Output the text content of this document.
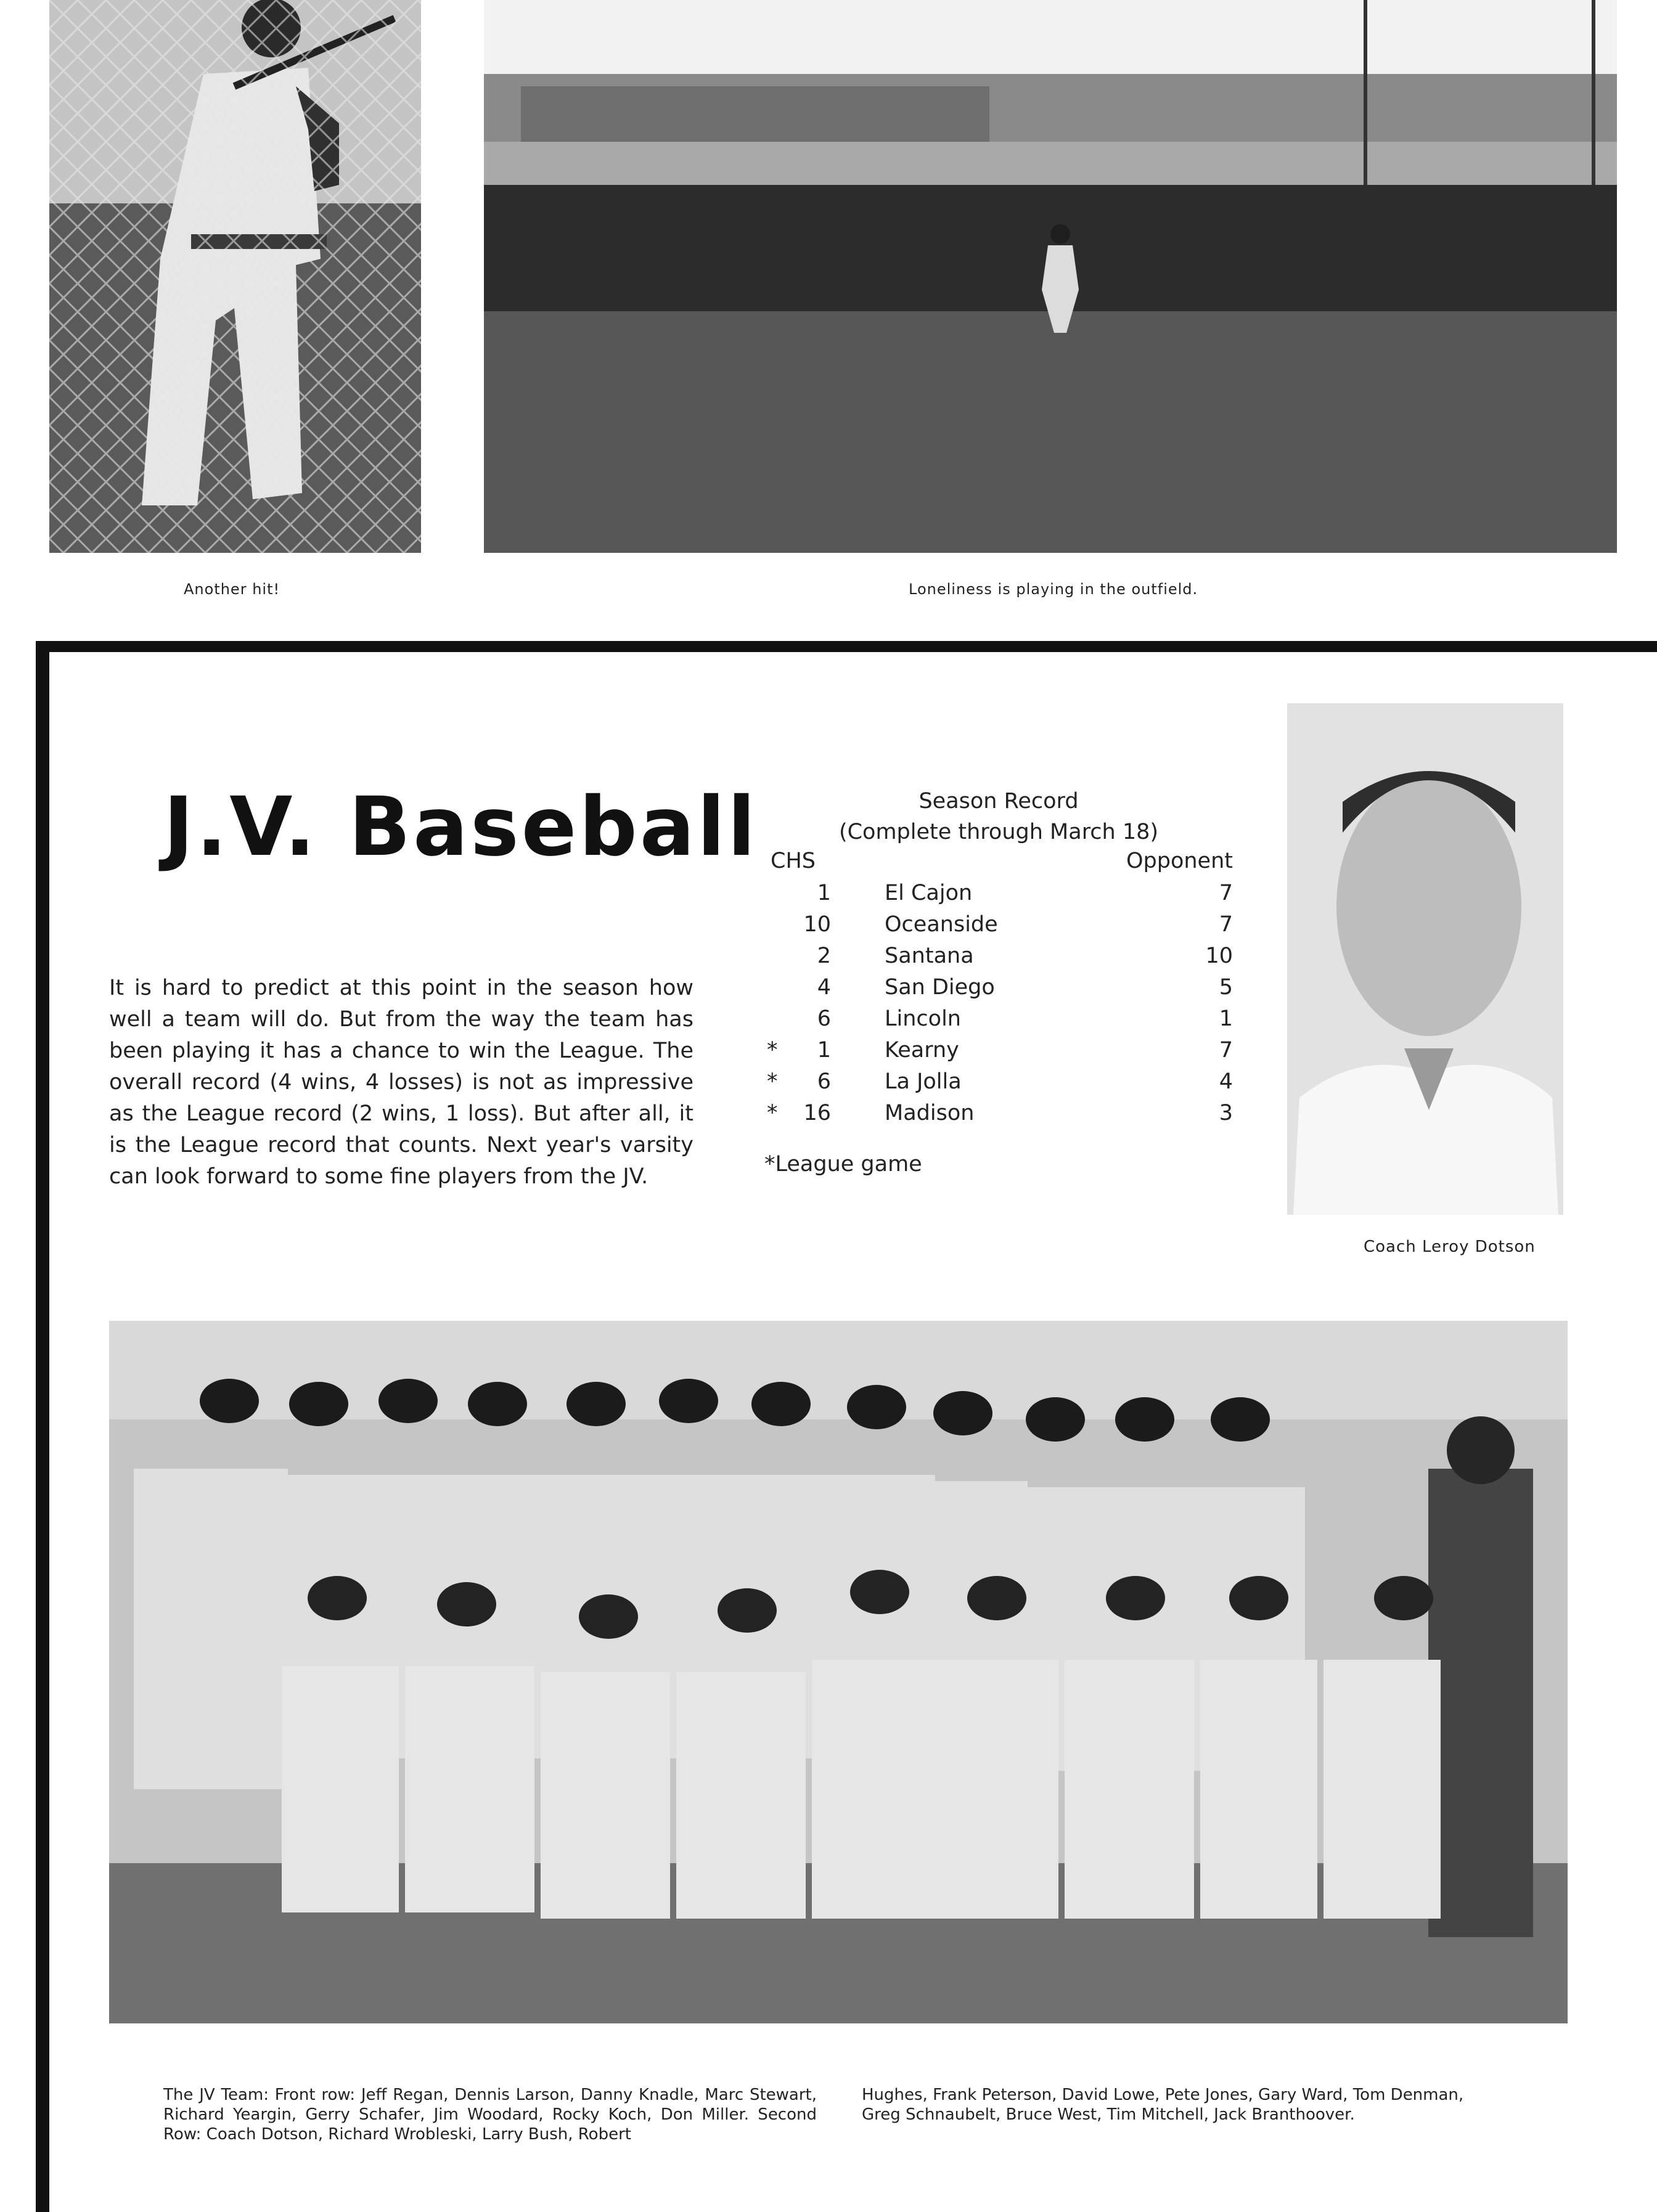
Another hit!	Loneliness is playing in the outfield.
J.V. Baseball
It is hard to predict at this point in the season how well a team will do. But from the way the team has been playing it has a chance to win the League. The overall record (4 wins, 4 losses) is not as impressive as the League record (2 wins, 1 loss). But after all, it is the League record that counts. Next year's varsity can look forward to some fine players from the JV.
Season Record
(Complete through March 18)
CHS	Opponent
1 El Cajon	7
10 Oceanside	7
2 Santana	10
4 San Diego	5
6 Lincoln	1
*	1 Kearny	7
*	6 La Jolla	4
*	16 Madison	3
*League game
Coach Leroy Dotson
The JV Team: Front row: Jeff Regan, Dennis Larson, Danny Knadle, Marc Stewart, Richard Yeargin, Gerry Schafer, Jim Woodard, Rocky Koch, Don Miller. Second Row: Coach Dotson, Richard Wrobleski, Larry Bush, Robert
Hughes, Frank Peterson, David Lowe, Pete Jones, Gary Ward, Tom Denman, Greg Schnaubelt, Bruce West, Tim Mitchell, Jack Branthoover.
